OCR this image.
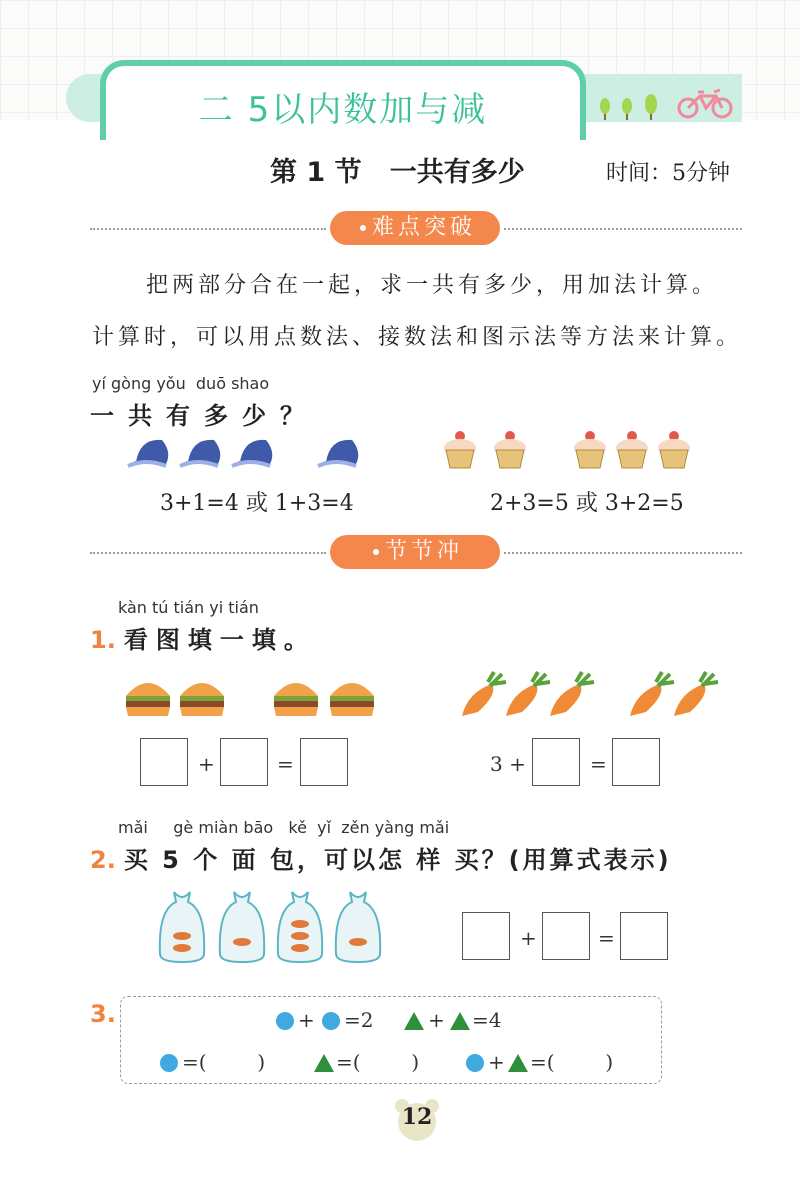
二 5以内数加与减
第 1 节   一共有多少	时间：5分钟
难点突破
把两部分合在一起，求一共有多少，用加法计算。
计算时，可以用点数法、接数法和图示法等方法来计算。
yí gòng yǒu  duō shao
一共有多少？
3+1=4 或 1+3=4	2+3=5 或 3+2=5
节节冲 A
kàn tú tián yi tián
1. 看图填一填。
+	=	3 +	=
mǎi     gè miàn bāo   kě  yǐ  zěn yàng mǎi
2. 买 5 个 面 包，可以怎 样 买？(用算式表示)
+	=
3.	+ =2	+ =4
=(        )	=(        )	+ =(        )
12
